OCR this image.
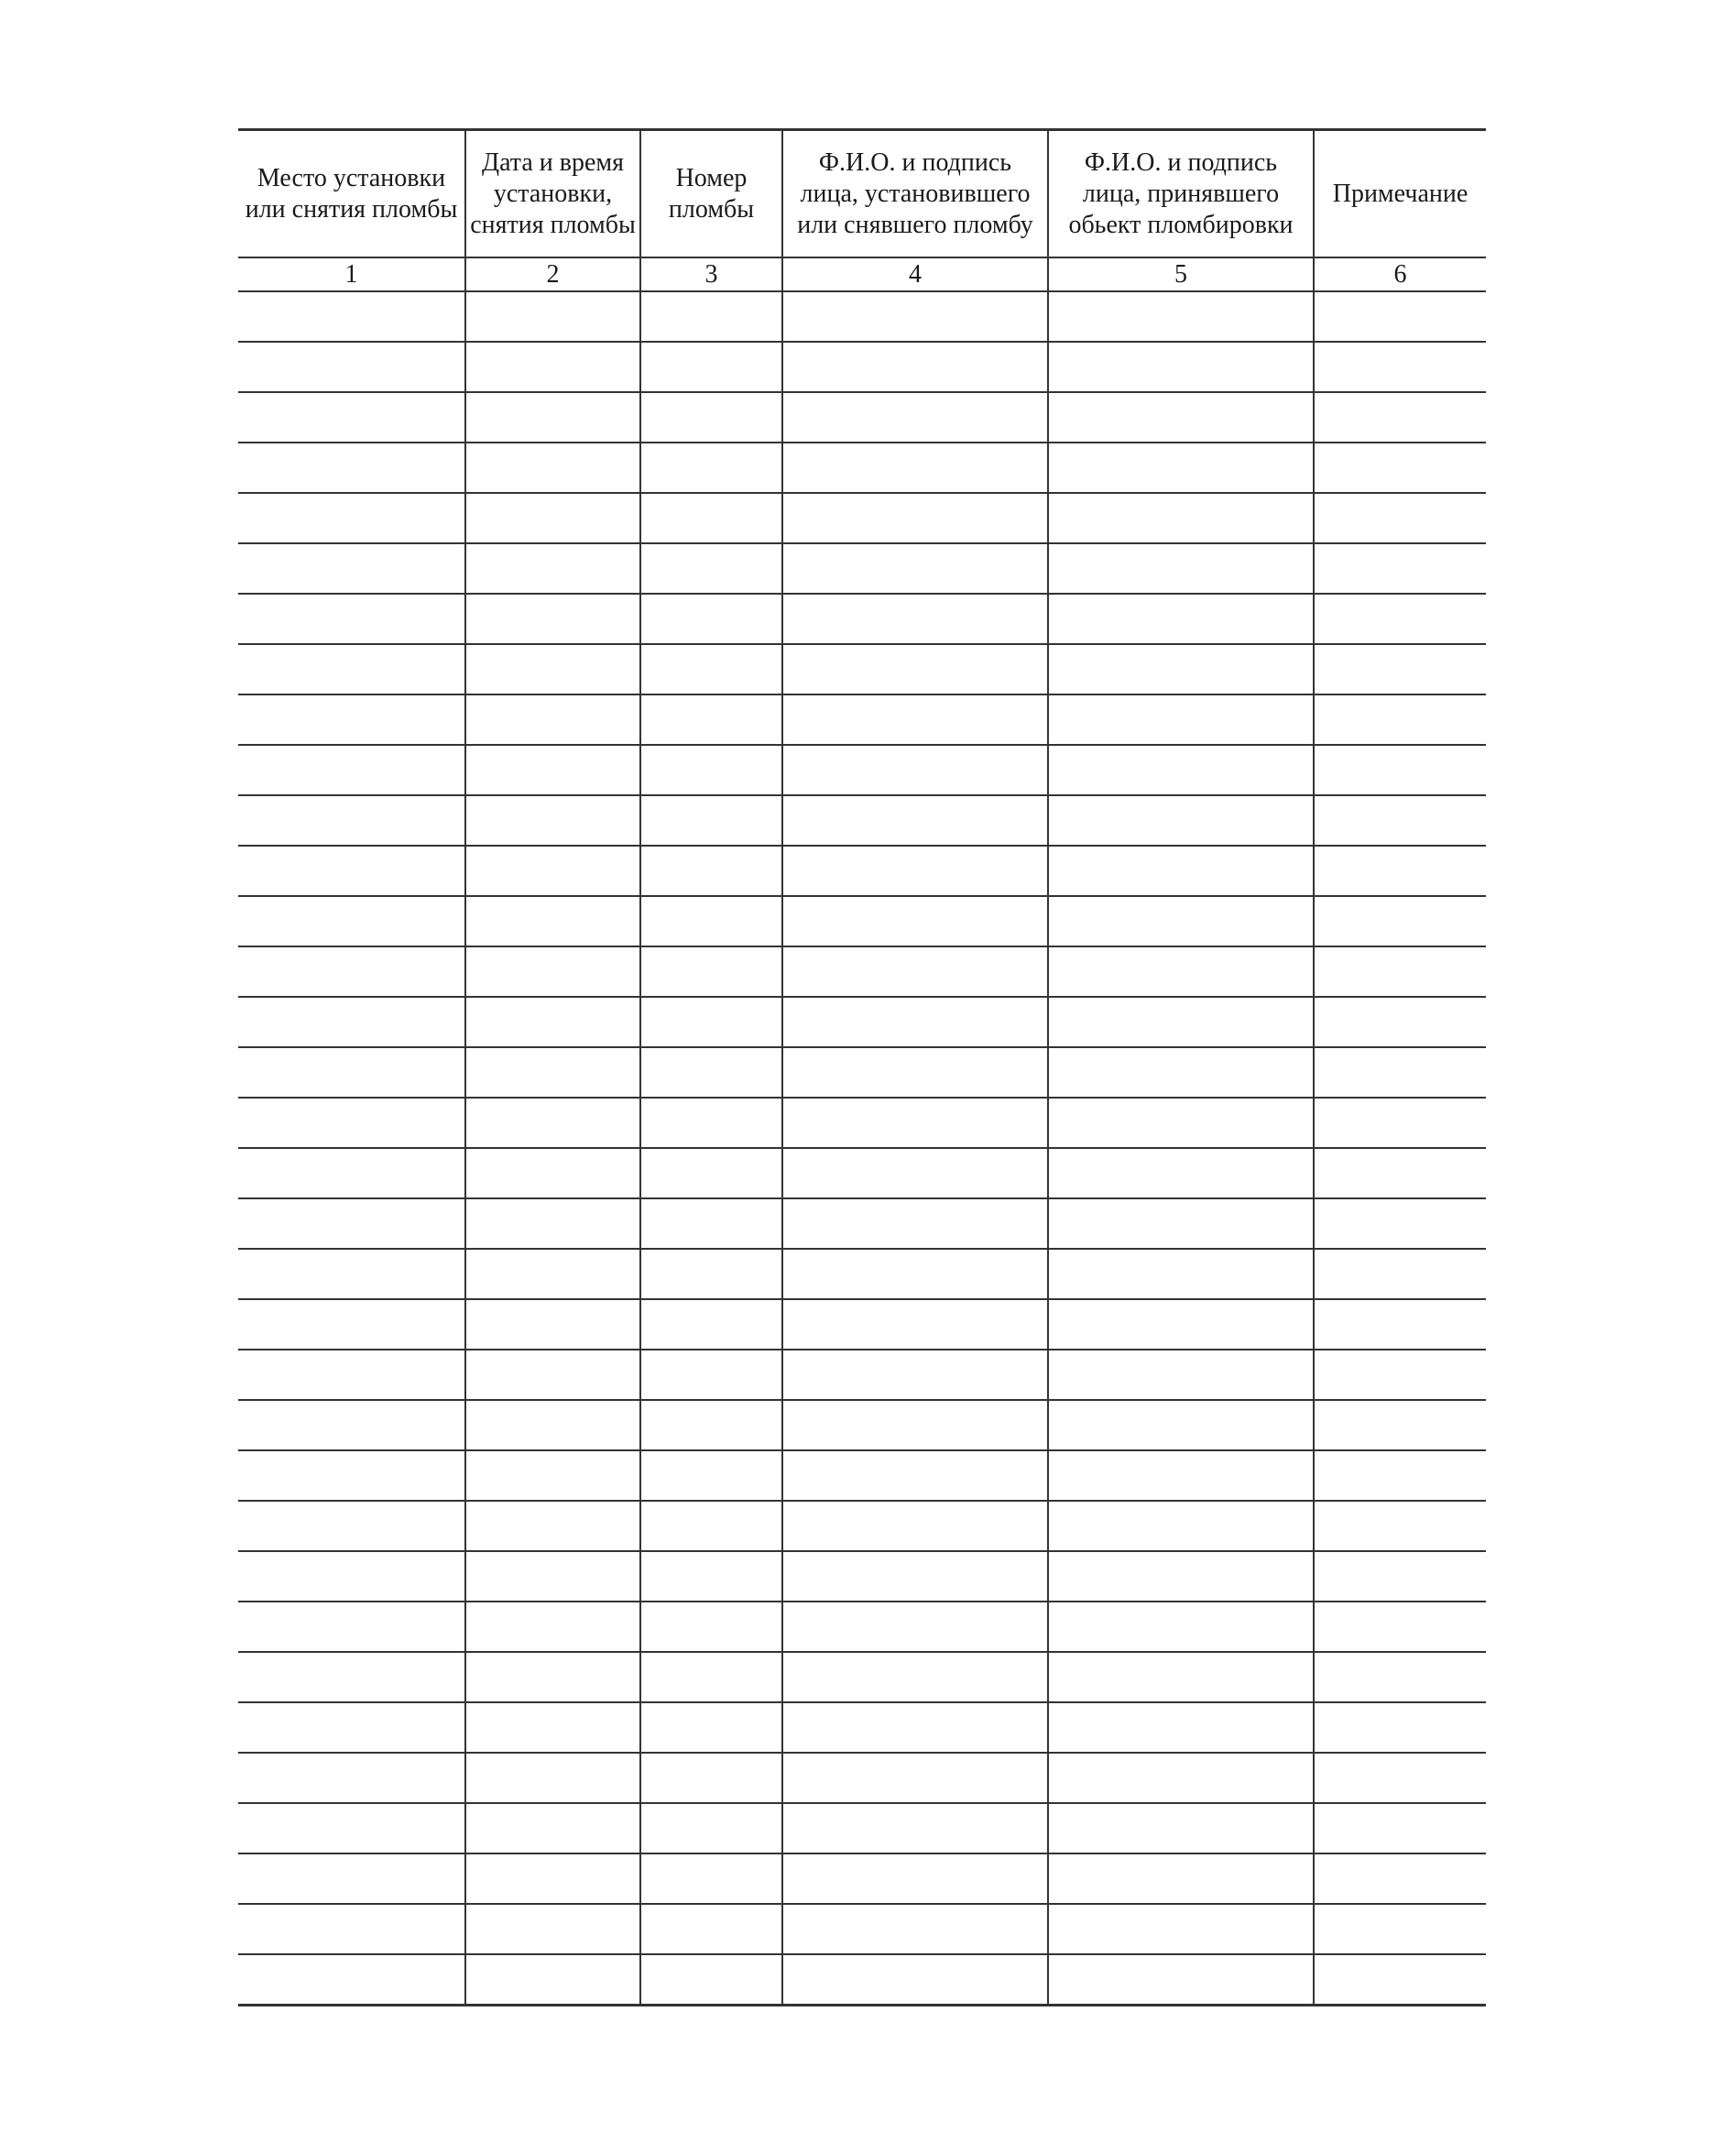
Место установки или снятия пломбы	Дата и время установки, снятия пломбы	Номер пломбы	Ф.И.О. и подпись лица, установившего или снявшего пломбу	Ф.И.О. и подпись лица, принявшего обьект пломбировки	Примечание
1	2	3	4	5	6
